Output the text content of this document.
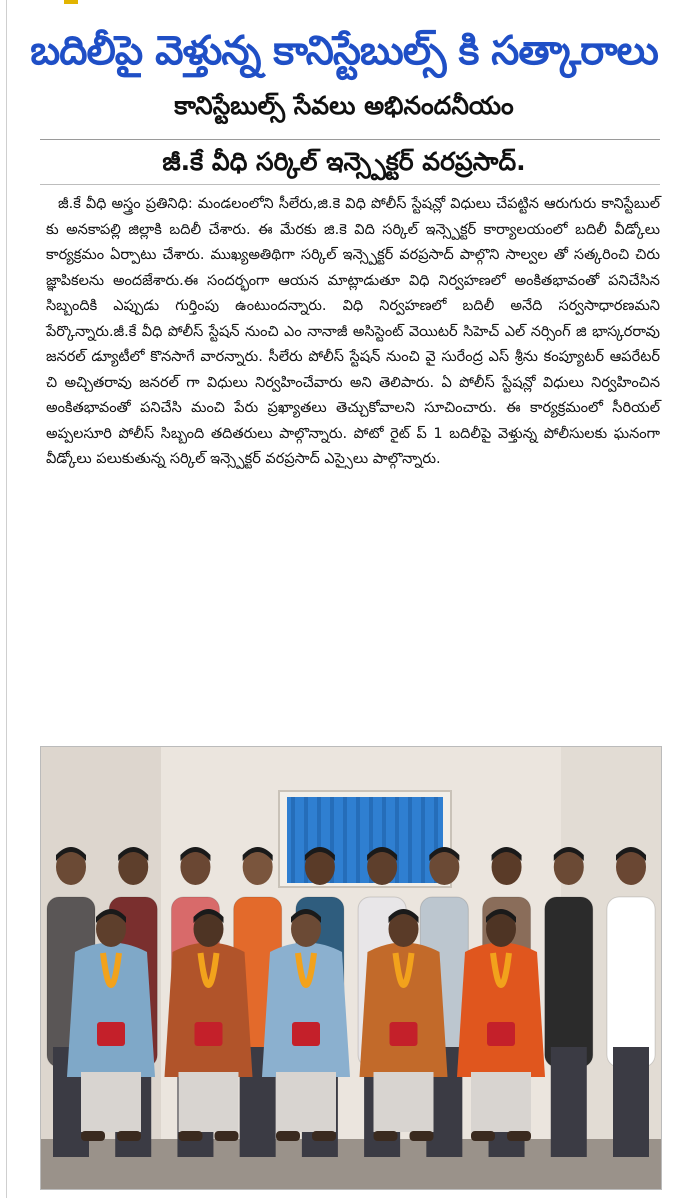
బదిలీపై వెళ్తున్న కానిస్టేబుల్స్ కి సత్కారాలు
కానిస్టేబుల్స్ సేవలు అభినందనీయం
జీ.కే వీధి సర్కిల్ ఇన్స్పెక్టర్ వరప్రసాద్.

జీ.కే వీధి అస్త్రం ప్రతినిధి: మండలంలోని సీలేరు,జి.కె విధి పోలీస్ స్టేషన్లో విధులు చేపట్టిన ఆరుగురు కానిస్టేబుల్ కు అనకాపల్లి జిల్లాకి బదిలీ చేశారు. ఈ మేరకు జి.కె విది సర్కిల్ ఇన్స్పెక్టర్ కార్యాలయంలో బదిలీ వీడ్కోలు కార్యక్రమం ఏర్పాటు చేశారు. ముఖ్యఅతిథిగా సర్కిల్ ఇన్స్పెక్టర్ వరప్రసాద్ పాల్గొని సాల్వల తో సత్కరించి చిరు జ్ఞాపికలను అందజేశారు.ఈ సందర్భంగా ఆయన మాట్లాడుతూ విధి నిర్వహణలో అంకితభావంతో పనిచేసిన సిబ్బందికి ఎప్పుడు గుర్తింపు ఉంటుందన్నారు. విధి నిర్వహణలో బదిలీ అనేది సర్వసాధారణమని పేర్కొన్నారు.జీ.కే వీధి పోలీస్ స్టేషన్ నుంచి ఎం నానాజీ అసిస్టెంట్ వెయిటర్ సిహెచ్ ఎల్ నర్సింగ్ జి భాస్కరరావు జనరల్ డ్యూటీలో కొనసాగే వారన్నారు. సీలేరు పోలీస్ స్టేషన్ నుంచి వై సురేంద్ర ఎస్ శ్రీను కంప్యూటర్ ఆపరేటర్ చి అచ్చితరావు జనరల్ గా విధులు నిర్వహించేవారు అని తెలిపారు. ఏ పోలీస్ స్టేషన్లో విధులు నిర్వహించిన అంకితభావంతో పనిచేసి మంచి పేరు ప్రఖ్యాతలు తెచ్చుకోవాలని సూచించారు. ఈ కార్యక్రమంలో సీరియల్ అప్పలసూరి పోలీస్ సిబ్బంది తదితరులు పాల్గొన్నారు. పోటో రైట్ ప్ 1 బదిలీపై వెళ్తున్న పోలీసులకు ఘనంగా వీడ్కోలు పలుకుతున్న సర్కిల్ ఇన్స్పెక్టర్ వరప్రసాద్ ఎస్సైలు పాల్గొన్నారు.
